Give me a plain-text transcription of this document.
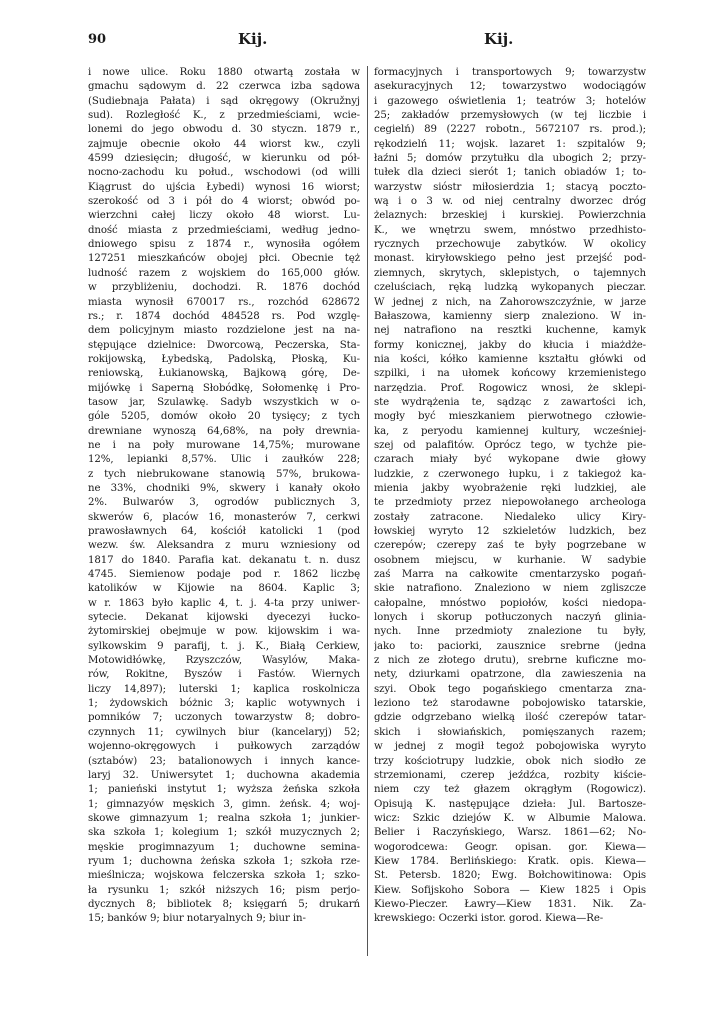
90	Kij.	Kij.
i nowe ulice. Roku 1880 otwartą została w
gmachu sądowym d. 22 czerwca izba sądowa
(Sudiebnaja Pałata) i sąd okręgowy (Okružnyj
sud). Rozległość K., z przedmieściami, wcie-
lonemi do jego obwodu d. 30 styczn. 1879 r.,
zajmuje obecnie około 44 wiorst kw., czyli
4599 dziesięcin; długość, w kierunku od pół-
nocno-zachodu ku połud., wschodowi (od willi
Kiągrust do ujścia Łybedi) wynosi 16 wiorst;
szerokość od 3 i pół do 4 wiorst; obwód po-
wierzchni całej liczy około 48 wiorst. Lu-
dność miasta z przedmieściami, według jedno-
dniowego spisu z 1874 r., wynosiła ogółem
127251 mieszkańców obojej płci. Obecnie tęż
ludność razem z wojskiem do 165,000 głów.
w przybliżeniu, dochodzi. R. 1876 dochód
miasta wynosił 670017 rs., rozchód 628672
rs.; r. 1874 dochód 484528 rs. Pod wzglę-
dem policyjnym miasto rozdzielone jest na na-
stępujące dzielnice: Dworcową, Peczerska, Sta-
rokijowską, Łybedską, Padolską, Płoską, Ku-
reniowską, Łukianowską, Bajkową górę, De-
mijówkę i Saperną Słobódkę, Sołomenkę i Pro-
tasow jar, Szulawkę. Sadyb wszystkich w o-
góle 5205, domów około 20 tysięcy; z tych
drewniane wynoszą 64,68%, na poły drewnia-
ne i na poły murowane 14,75%; murowane
12%, lepianki 8,57%. Ulic i zaułków 228;
z tych niebrukowane stanowią 57%, brukowa-
ne 33%, chodniki 9%, skwery i kanały około
2%. Bulwarów 3, ogrodów publicznych 3,
skwerów 6, placów 16, monasterów 7, cerkwi
prawosławnych 64, kościół katolicki 1 (pod
wezw. św. Aleksandra z muru wzniesiony od
1817 do 1840. Parafia kat. dekanatu t. n. dusz
4745. Siemienow podaje pod r. 1862 liczbę
katolików w Kijowie na 8604. Kaplic 3;
w r. 1863 było kaplic 4, t. j. 4-ta przy uniwer-
sytecie. Dekanat kijowski dyecezyi łucko-
żytomirskiej obejmuje w pow. kijowskim i wa-
sylkowskim 9 parafij, t. j. K., Białą Cerkiew,
Motowidłówkę, Rzyszczów, Wasylów, Maka-
rów, Rokitne, Byszów i Fastów. Wiernych
liczy 14,897); luterski 1; kaplica roskolnicza
1; żydowskich bóżnic 3; kaplic wotywnych i
pomników 7; uczonych towarzystw 8; dobro-
czynnych 11; cywilnych biur (kancelaryj) 52;
wojenno-okręgowych i pułkowych zarządów
(sztabów) 23; batalionowych i innych kance-
laryj 32. Uniwersytet 1; duchowna akademia
1; panieński instytut 1; wyższa żeńska szkoła
1; gimnazyów męskich 3, gimn. żeńsk. 4; woj-
skowe gimnazyum 1; realna szkoła 1; junkier-
ska szkoła 1; kolegium 1; szkół muzycznych 2;
męskie progimnazyum 1; duchowne semina-
ryum 1; duchowna żeńska szkoła 1; szkoła rze-
mieślnicza; wojskowa felczerska szkoła 1; szko-
ła rysunku 1; szkół niższych 16; pism perjo-
dycznych 8; bibliotek 8; księgarń 5; drukarń
15; banków 9; biur notaryalnych 9; biur in-
formacyjnych i transportowych 9; towarzystw
asekuracyjnych 12; towarzystwo wodociągów
i gazowego oświetlenia 1; teatrów 3; hotelów
25; zakładów przemysłowych (w tej liczbie i
cegielń) 89 (2227 robotn., 5672107 rs. prod.);
rękodzielń 11; wojsk. lazaret 1: szpitalów 9;
łaźni 5; domów przytułku dla ubogich 2; przy-
tułek dla dzieci sierót 1; tanich obiadów 1; to-
warzystw sióstr miłosierdzia 1; stacyą poczto-
wą i o 3 w. od niej centralny dworzec dróg
żelaznych: brzeskiej i kurskiej. Powierzchnia
K., we wnętrzu swem, mnóstwo przedhisto-
rycznych przechowuje zabytków. W okolicy
monast. kiryłowskiego pełno jest przejść pod-
ziemnych, skrytych, sklepistych, o tajemnych
czeluściach, ręką ludzką wykopanych pieczar.
W jednej z nich, na Zahorowszczyźnie, w jarze
Bałaszowa, kamienny sierp znaleziono. W in-
nej natrafiono na resztki kuchenne, kamyk
formy konicznej, jakby do kłucia i miażdże-
nia kości, kółko kamienne kształtu główki od
szpilki, i na ułomek końcowy krzemienistego
narzędzia. Prof. Rogowicz wnosi, że sklepi-
ste wydrążenia te, sądząc z zawartości ich,
mogły być mieszkaniem pierwotnego człowie-
ka, z peryodu kamiennej kultury, wcześniej-
szej od palafitów. Oprócz tego, w tychże pie-
czarach miały być wykopane dwie głowy
ludzkie, z czerwonego łupku, i z takiegoż ka-
mienia jakby wyobrażenie ręki ludzkiej, ale
te przedmioty przez niepowołanego archeologa
zostały zatracone. Niedaleko ulicy Kiry-
łowskiej wyryto 12 szkieletów ludzkich, bez
czerepów; czerepy zaś te były pogrzebane w
osobnem miejscu, w kurhanie. W sadybie
zaś Marra na całkowite cmentarzysko pogań-
skie natrafiono. Znaleziono w niem zgliszcze
całopalne, mnóstwo popiołów, kości niedopa-
lonych i skorup potłuczonych naczyń glinia-
nych. Inne przedmioty znalezione tu były,
jako to: paciorki, zauszniсe srebrne (jedna
z nich ze złotego drutu), srebrne kuficzne mo-
nety, dziurkami opatrzone, dla zawieszenia na
szyi. Obok tego pogańskiego cmentarza zna-
leziono też starodawne pobojowisko tatarskie,
gdzie odgrzebano wielką ilość czerepów tatar-
skich i słowiańskich, pomięszanych razem;
w jednej z mogił tegoż pobojowiska wyryto
trzy kościotrupy ludzkie, obok nich siodło ze
strzemionami, czerep jeźdźca, rozbity kiście-
niem czy też głazem okrągłym (Rogowicz).
Opisują K. następujące dzieła: Jul. Bartosze-
wicz: Szkic dziejów K. w Albumie Malowa.
Belier i Raczyńskiego, Warsz. 1861—62; No-
wogorodcewa: Geogr. opisan. gor. Kiewa—
Kiew 1784. Berlińskiego: Kratk. opis. Kiewa—
St. Petersb. 1820; Ewg. Bołchowitinowa: Opis
Kiew. Sofijskoho Sobora — Kiew 1825 i Opis
Kiewo-Pieczer. Ławry—Kiew 1831. Nik. Za-
krewskiego: Oczerki istor. gorod. Kiewa—Re-
